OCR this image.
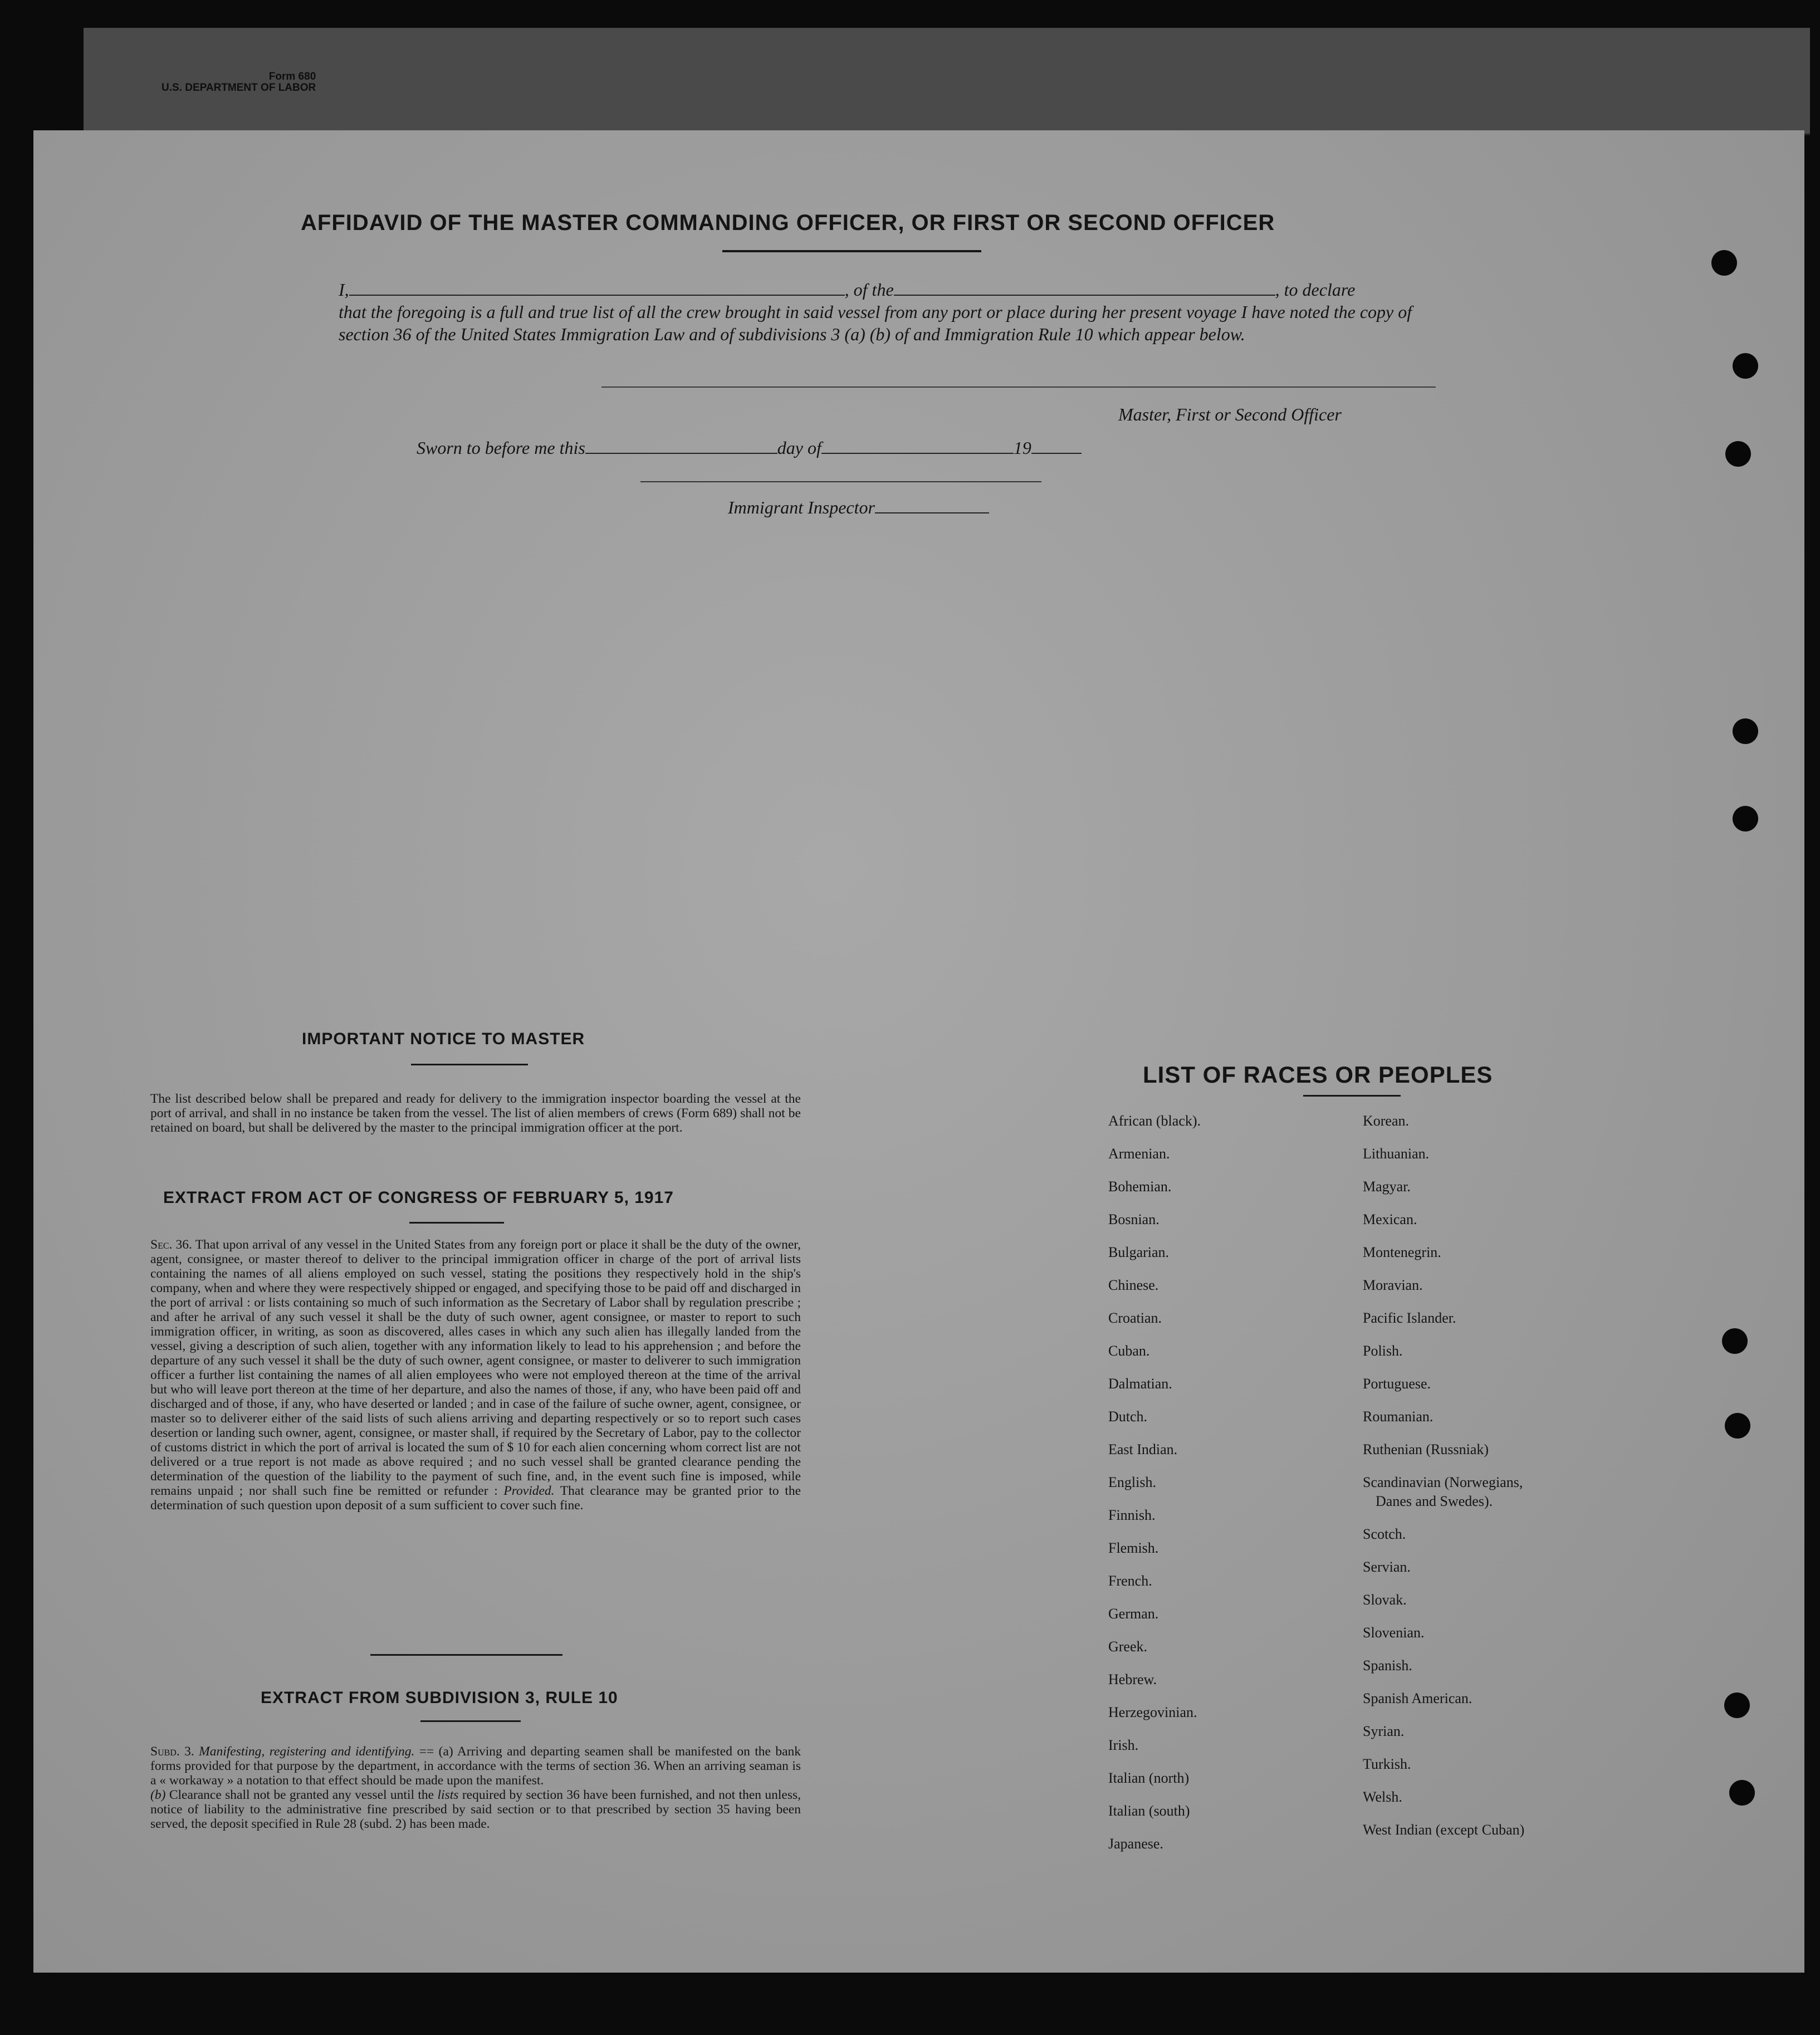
Form 680
U.S. DEPARTMENT OF LABOR
AFFIDAVID OF THE MASTER COMMANDING OFFICER, OR FIRST OR SECOND OFFICER
I,	, of the	, to declare
that the foregoing is a full and true list of all the crew brought in said vessel from any port or place during her present voyage I have noted the copy of section 36 of the United States Immigration Law and of subdivisions 3 (a) (b) of and Immigration Rule 10 which appear below.
Master, First or Second Officer
Sworn to before me this	day of	19
Immigrant Inspector
IMPORTANT NOTICE TO MASTER
The list described below shall be prepared and ready for delivery to the immigration inspector boarding the vessel at the port of arrival, and shall in no instance be taken from the vessel. The list of alien members of crews (Form 689) shall not be retained on board, but shall be delivered by the master to the principal immigration officer at the port.
EXTRACT FROM ACT OF CONGRESS OF FEBRUARY 5, 1917
Sec. 36. That upon arrival of any vessel in the United States from any foreign port or place it shall be the duty of the owner, agent, consignee, or master thereof to deliver to the principal immigration officer in charge of the port of arrival lists containing the names of all aliens employed on such vessel, stating the positions they respectively hold in the ship's company, when and where they were respectively shipped or engaged, and specifying those to be paid off and discharged in the port of arrival : or lists containing so much of such information as the Secretary of Labor shall by regulation prescribe ; and after he arrival of any such vessel it shall be the duty of such owner, agent consignee, or master to report to such immigration officer, in writing, as soon as discovered, alles cases in which any such alien has illegally landed from the vessel, giving a description of such alien, together with any information likely to lead to his apprehension ; and before the departure of any such vessel it shall be the duty of such owner, agent consignee, or master to deliverer to such immigration officer a further list containing the names of all alien employees who were not employed thereon at the time of the arrival but who will leave port thereon at the time of her departure, and also the names of those, if any, who have been paid off and discharged and of those, if any, who have deserted or landed ; and in case of the failure of suche owner, agent, consignee, or master so to deliverer either of the said lists of such aliens arriving and departing respectively or so to report such cases desertion or landing such owner, agent, consignee, or master shall, if required by the Secretary of Labor, pay to the collector of customs district in which the port of arrival is located the sum of $ 10 for each alien concerning whom correct list are not delivered or a true report is not made as above required ; and no such vessel shall be granted clearance pending the determination of the question of the liability to the payment of such fine, and, in the event such fine is imposed, while remains unpaid ; nor shall such fine be remitted or refunder : Provided. That clearance may be granted prior to the determination of such question upon deposit of a sum sufficient to cover such fine.
EXTRACT FROM SUBDIVISION 3, RULE 10
Subd. 3. Manifesting, registering and identifying. == (a) Arriving and departing seamen shall be manifested on the bank forms provided for that purpose by the department, in accordance with the terms of section 36. When an arriving seaman is a « workaway » a notation to that effect should be made upon the manifest.
(b) Clearance shall not be granted any vessel until the lists required by section 36 have been furnished, and not then unless, notice of liability to the administrative fine prescribed by said section or to that prescribed by section 35 having been served, the deposit specified in Rule 28 (subd. 2) has been made.
LIST OF RACES OR PEOPLES
African (black).
Armenian.
Bohemian.
Bosnian.
Bulgarian.
Chinese.
Croatian.
Cuban.
Dalmatian.
Dutch.
East Indian.
English.
Finnish.
Flemish.
French.
German.
Greek.
Hebrew.
Herzegovinian.
Irish.
Italian (north)
Italian (south)
Japanese.
Korean.
Lithuanian.
Magyar.
Mexican.
Montenegrin.
Moravian.
Pacific Islander.
Polish.
Portuguese.
Roumanian.
Ruthenian (Russniak)
Scandinavian (Norwegians,
Danes and Swedes).
Scotch.
Servian.
Slovak.
Slovenian.
Spanish.
Spanish American.
Syrian.
Turkish.
Welsh.
West Indian (except Cuban)
